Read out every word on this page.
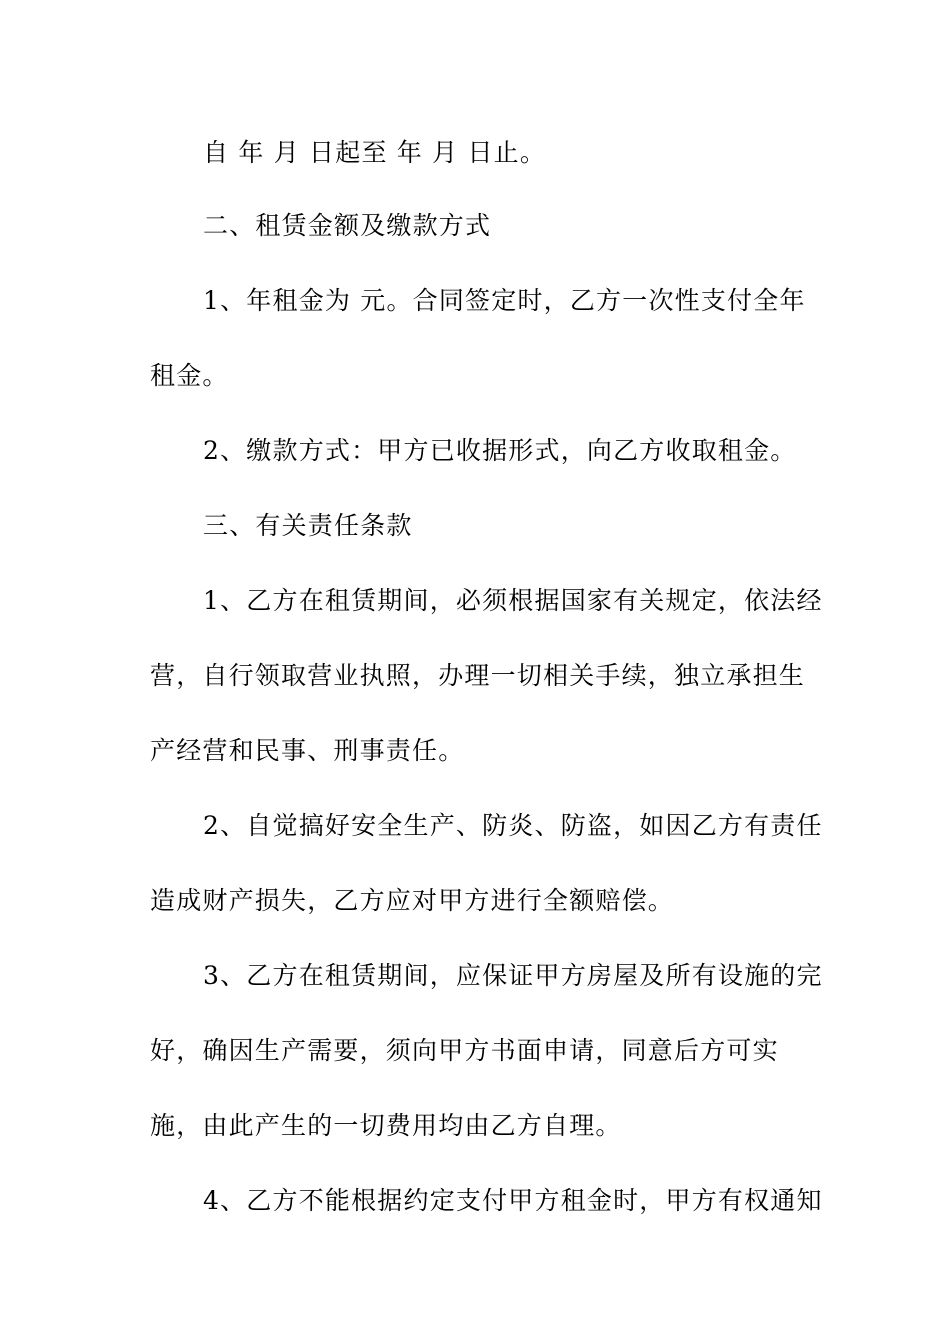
自 年 月 日起至 年 月 日止。
二、租赁金额及缴款方式
1、年租金为 元。合同签定时，乙方一次性支付全年
租金。
2、缴款方式：甲方已收据形式，向乙方收取租金。
三、有关责任条款
1、乙方在租赁期间，必须根据国家有关规定，依法经
营，自行领取营业执照，办理一切相关手续，独立承担生
产经营和民事、刑事责任。
2、自觉搞好安全生产、防炎、防盗，如因乙方有责任
造成财产损失，乙方应对甲方进行全额赔偿。
3、乙方在租赁期间，应保证甲方房屋及所有设施的完
好，确因生产需要，须向甲方书面申请，同意后方可实
施，由此产生的一切费用均由乙方自理。
4、乙方不能根据约定支付甲方租金时，甲方有权通知
